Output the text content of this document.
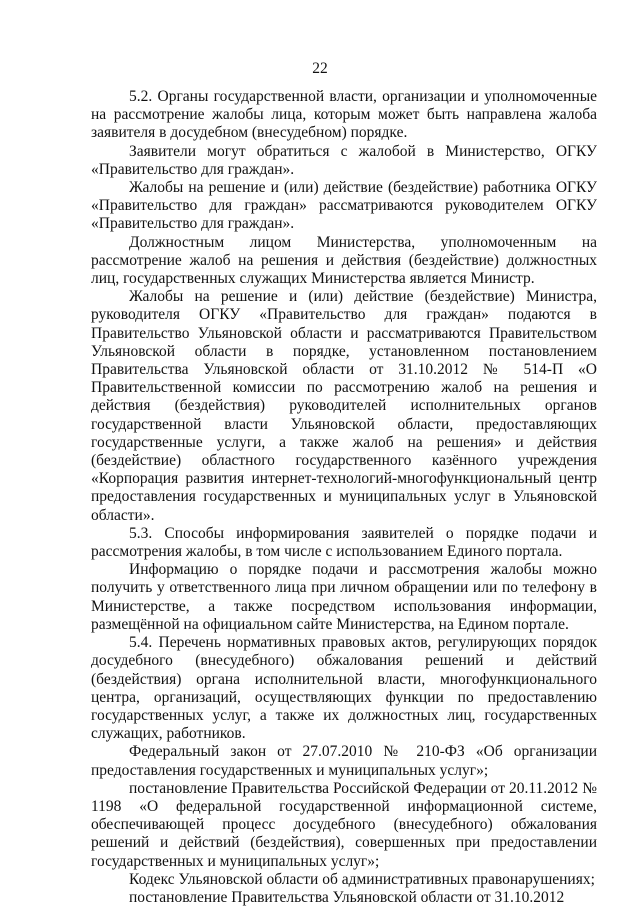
22

5.2. Органы государственной власти, организации и уполномоченные на рассмотрение жалобы лица, которым может быть направлена жалоба заявителя в досудебном (внесудебном) порядке.

Заявители могут обратиться с жалобой в Министерство, ОГКУ «Правительство для граждан».

Жалобы на решение и (или) действие (бездействие) работника ОГКУ «Правительство для граждан» рассматриваются руководителем ОГКУ «Правительство для граждан».

Должностным лицом Министерства, уполномоченным на рассмотрение жалоб на решения и действия (бездействие) должностных лиц, государственных служащих Министерства является Министр.

Жалобы на решение и (или) действие (бездействие) Министра, руководителя ОГКУ «Правительство для граждан» подаются в Правительство Ульяновской области и рассматриваются Правительством Ульяновской области в порядке, установленном постановлением Правительства Ульяновской области от 31.10.2012 № 514-П «О Правительственной комиссии по рассмотрению жалоб на решения и действия (бездействия) руководителей исполнительных органов государственной власти Ульяновской области, предоставляющих государственные услуги, а также жалоб на решения» и действия (бездействие) областного государственного казённого учреждения «Корпорация развития интернет-технологий-многофункциональный центр предоставления государственных и муниципальных услуг в Ульяновской области».

5.3. Способы информирования заявителей о порядке подачи и рассмотрения жалобы, в том числе с использованием Единого портала.

Информацию о порядке подачи и рассмотрения жалобы можно получить у ответственного лица при личном обращении или по телефону в Министерстве, а также посредством использования информации, размещённой на официальном сайте Министерства, на Едином портале.

5.4. Перечень нормативных правовых актов, регулирующих порядок досудебного (внесудебного) обжалования решений и действий (бездействия) органа исполнительной власти, многофункционального центра, организаций, осуществляющих функции по предоставлению государственных услуг, а также их должностных лиц, государственных служащих, работников.

Федеральный закон от 27.07.2010 № 210-ФЗ «Об организации предоставления государственных и муниципальных услуг»;

постановление Правительства Российской Федерации от 20.11.2012 № 1198 «О федеральной государственной информационной системе, обеспечивающей процесс досудебного (внесудебного) обжалования решений и действий (бездействия), совершенных при предоставлении государственных и муниципальных услуг»;

Кодекс Ульяновской области об административных правонарушениях;

постановление Правительства Ульяновской области от 31.10.2012
